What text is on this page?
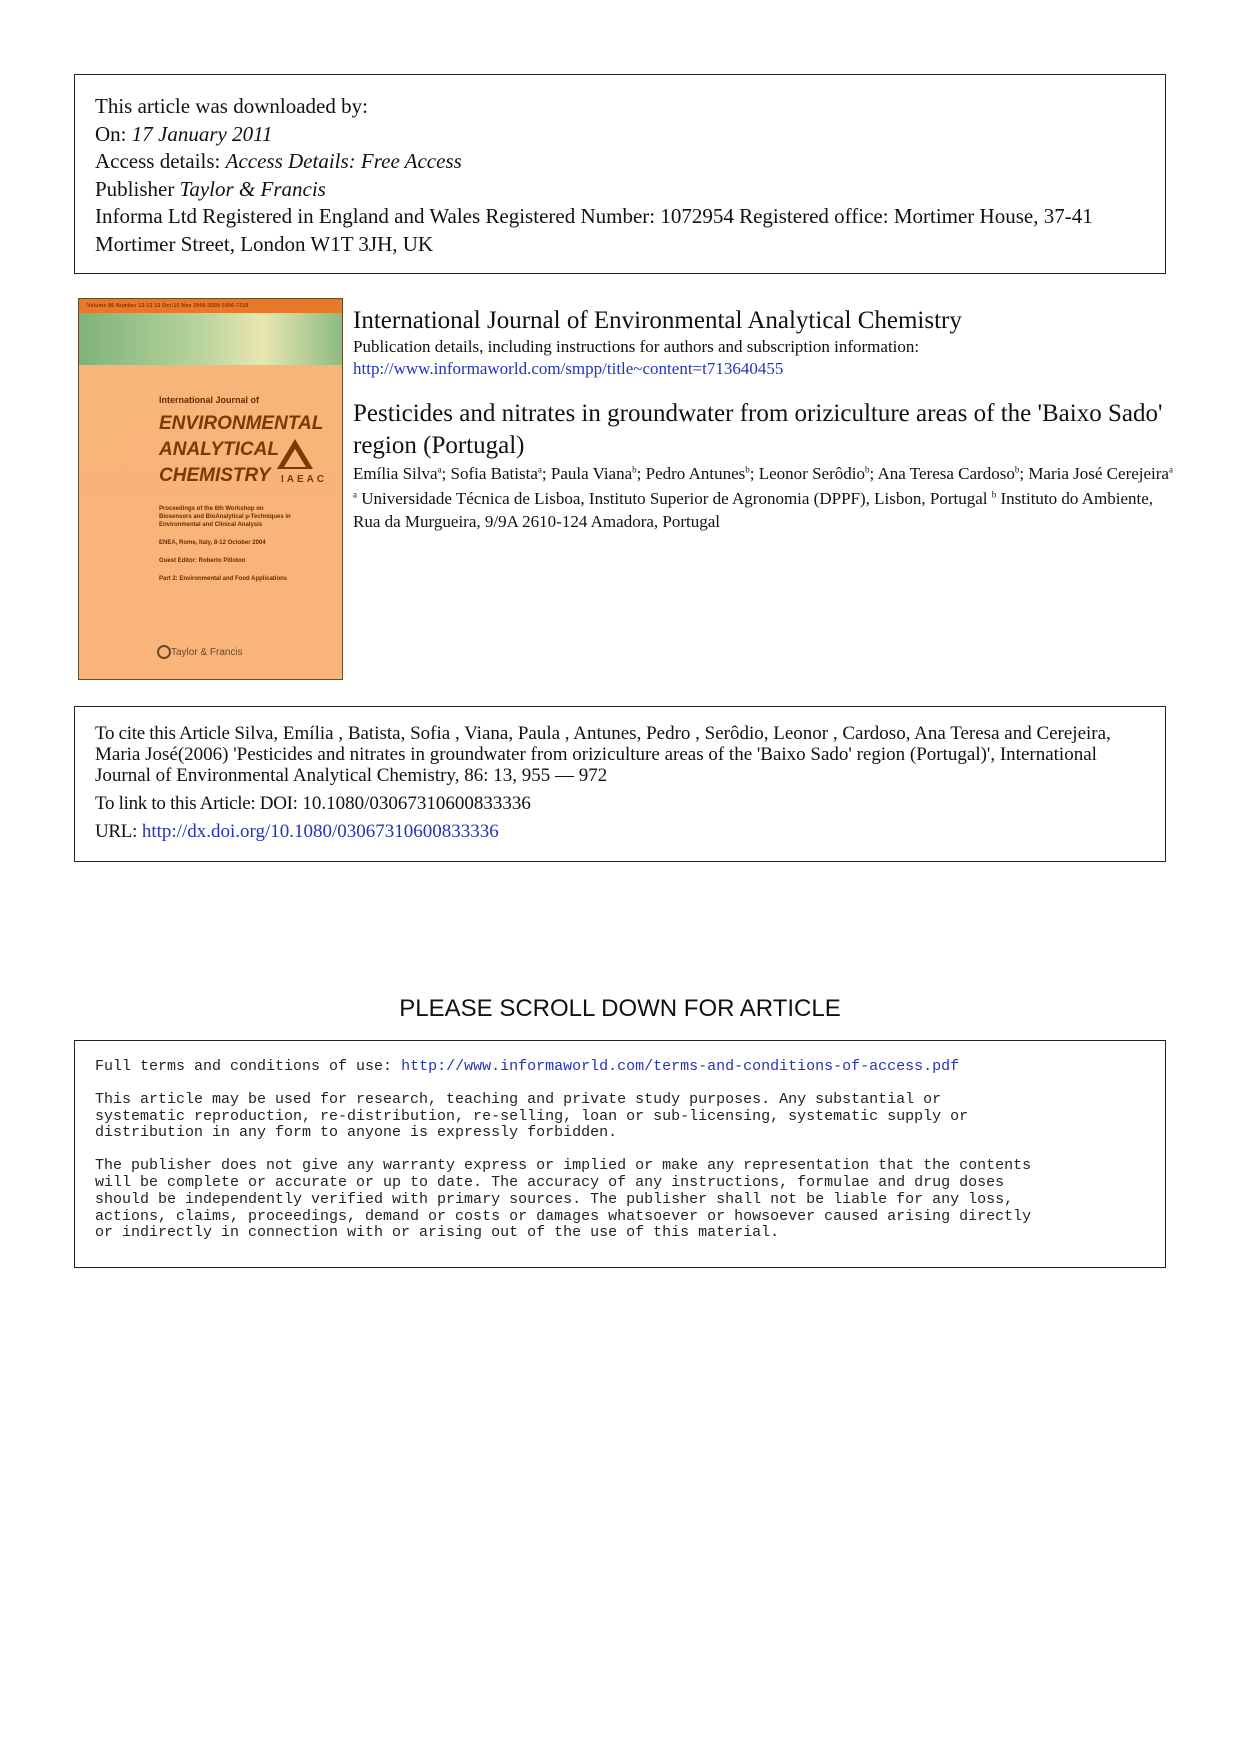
This article was downloaded by:
On: 17 January 2011
Access details: Access Details: Free Access
Publisher Taylor & Francis
Informa Ltd Registered in England and Wales Registered Number: 1072954 Registered office: Mortimer House, 37-41 Mortimer Street, London W1T 3JH, UK
Volume 86 Number 12-13 15 Oct-15 Nov 2006 ISSN 0306-7319
International Journal of
ENVIRONMENTAL
ANALYTICAL
CHEMISTRY	IAEAC
Proceedings of the 6th Workshop on
Biosensors and BioAnalytical µ-Techniques in
Environmental and Clinical Analysis
ENEA, Rome, Italy, 8-12 October 2004
Guest Editor: Roberto Pilloton
Part 2: Environmental and Food Applications
Taylor & Francis
International Journal of Environmental Analytical Chemistry
Publication details, including instructions for authors and subscription information:
http://www.informaworld.com/smpp/title~content=t713640455
Pesticides and nitrates in groundwater from oriziculture areas of the 'Baixo Sado' region (Portugal)
Emília Silva$^a$; Sofia Batista$^a$; Paula Viana$^b$; Pedro Antunes$^b$; Leonor Serôdio$^b$; Ana Teresa Cardoso$^b$; Maria José Cerejeira$^a$
$^a$ Universidade Técnica de Lisboa, Instituto Superior de Agronomia (DPPF), Lisbon, Portugal $^b$ Instituto do Ambiente, Rua da Murgueira, 9/9A 2610-124 Amadora, Portugal
To cite this Article Silva, Emília , Batista, Sofia , Viana, Paula , Antunes, Pedro , Serôdio, Leonor , Cardoso, Ana Teresa and Cerejeira, Maria José(2006) 'Pesticides and nitrates in groundwater from oriziculture areas of the 'Baixo Sado' region (Portugal)', International Journal of Environmental Analytical Chemistry, 86: 13, 955 — 972
To link to this Article: DOI: 10.1080/03067310600833336
URL: http://dx.doi.org/10.1080/03067310600833336
PLEASE SCROLL DOWN FOR ARTICLE

Full terms and conditions of use: http://www.informaworld.com/terms-and-conditions-of-access.pdf

This article may be used for research, teaching and private study purposes. Any substantial or
systematic reproduction, re-distribution, re-selling, loan or sub-licensing, systematic supply or
distribution in any form to anyone is expressly forbidden.

The publisher does not give any warranty express or implied or make any representation that the contents
will be complete or accurate or up to date. The accuracy of any instructions, formulae and drug doses
should be independently verified with primary sources. The publisher shall not be liable for any loss,
actions, claims, proceedings, demand or costs or damages whatsoever or howsoever caused arising directly
or indirectly in connection with or arising out of the use of this material.
